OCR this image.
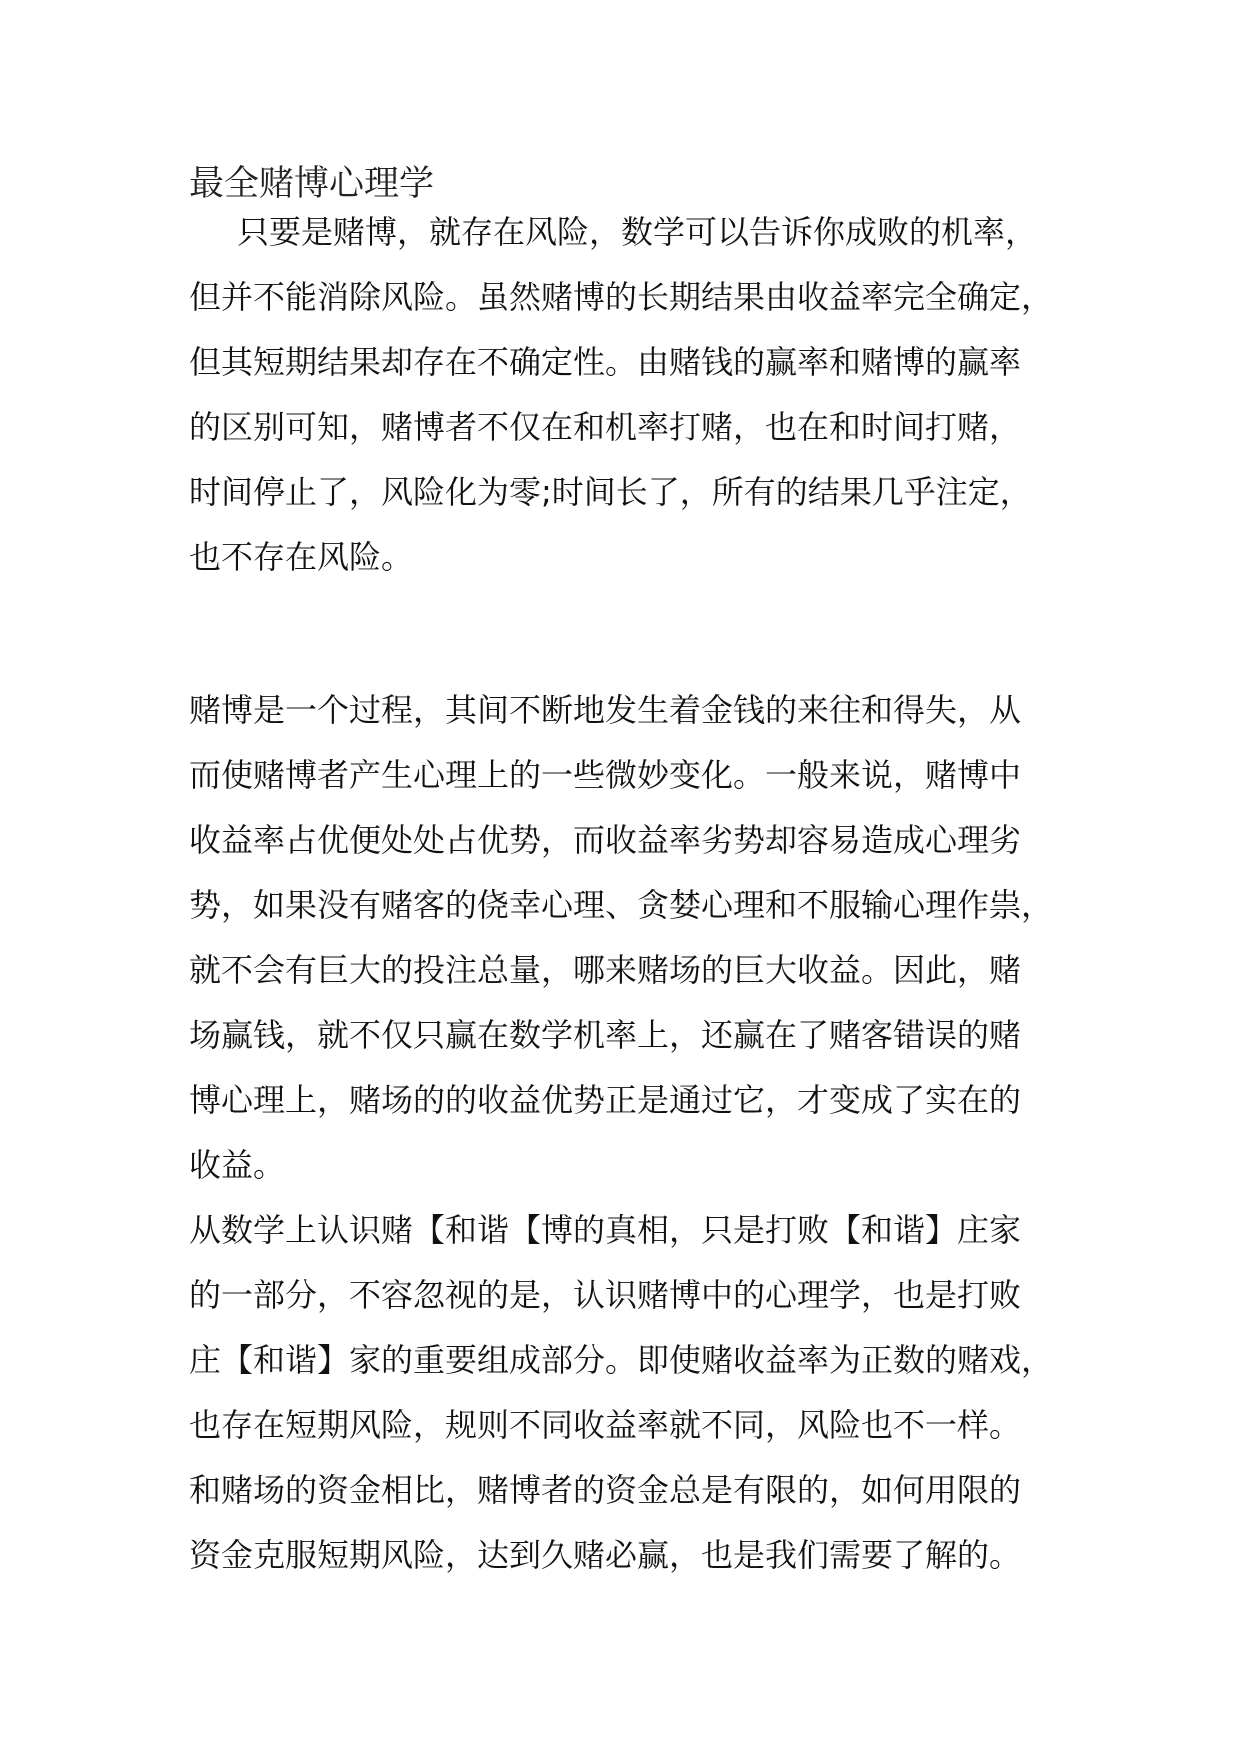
最全赌博心理学
只要是赌博，就存在风险，数学可以告诉你成败的机率，
但并不能消除风险。虽然赌博的长期结果由收益率完全确定，
但其短期结果却存在不确定性。由赌钱的赢率和赌博的赢率
的区别可知，赌博者不仅在和机率打赌，也在和时间打赌，
时间停止了，风险化为零;时间长了，所有的结果几乎注定，
也不存在风险。
赌博是一个过程，其间不断地发生着金钱的来往和得失，从
而使赌博者产生心理上的一些微妙变化。一般来说，赌博中
收益率占优便处处占优势，而收益率劣势却容易造成心理劣
势，如果没有赌客的侥幸心理、贪婪心理和不服输心理作祟，
就不会有巨大的投注总量，哪来赌场的巨大收益。因此，赌
场赢钱，就不仅只赢在数学机率上，还赢在了赌客错误的赌
博心理上，赌场的的收益优势正是通过它，才变成了实在的
收益。
从数学上认识赌【和谐【博的真相，只是打败【和谐】庄家
的一部分，不容忽视的是，认识赌博中的心理学，也是打败
庄【和谐】家的重要组成部分。即使赌收益率为正数的赌戏，
也存在短期风险，规则不同收益率就不同，风险也不一样。
和赌场的资金相比，赌博者的资金总是有限的，如何用限的
资金克服短期风险，达到久赌必赢，也是我们需要了解的。
